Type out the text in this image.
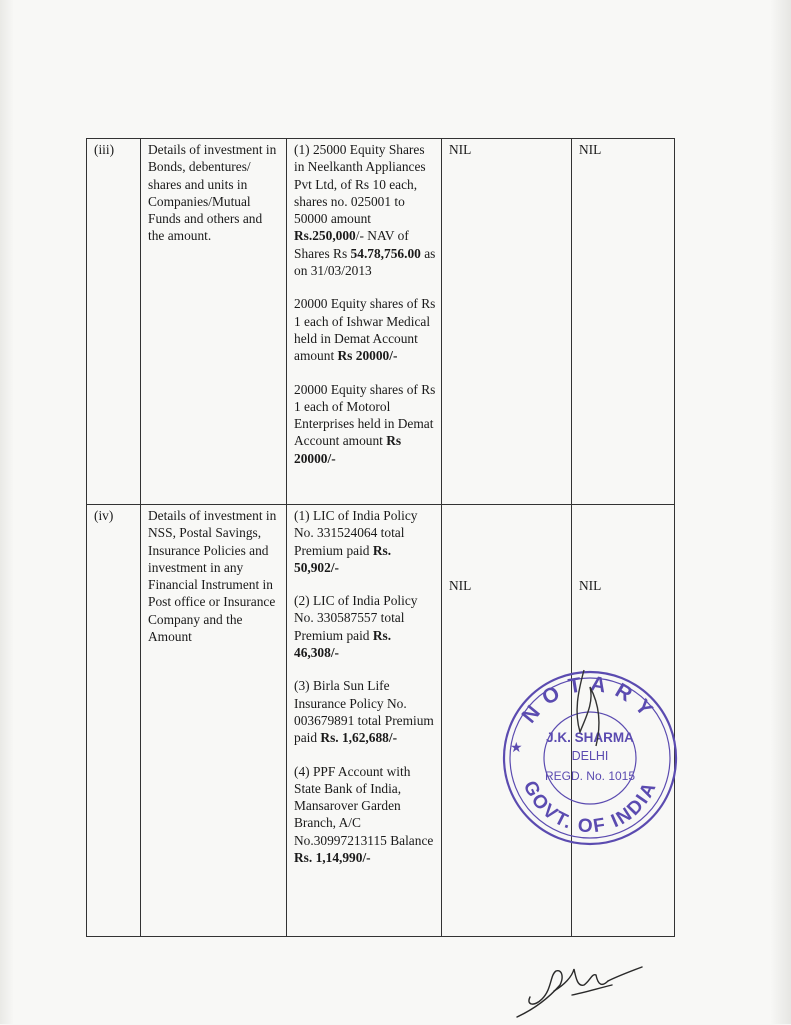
(iii)	Details of investment in Bonds, debentures/ shares and units in Companies/Mutual Funds and others and the amount.	(1) 25000 Equity Shares in Neelkanth Appliances Pvt Ltd, of Rs 10 each, shares no. 025001 to 50000 amount Rs.250,000/- NAV of Shares Rs 54.78,756.00 as on 31/03/2013

20000 Equity shares of Rs 1 each of Ishwar Medical held in Demat Account amount Rs 20000/-

20000 Equity shares of Rs 1 each of Motorol Enterprises held in Demat Account amount Rs 20000/-	NIL	NIL
(iv)	Details of investment in NSS, Postal Savings, Insurance Policies and investment in any Financial Instrument in Post office or Insurance Company and the Amount	(1) LIC of India Policy No. 331524064 total Premium paid Rs. 50,902/-

(2) LIC of India Policy No. 330587557 total Premium paid Rs. 46,308/-

(3) Birla Sun Life Insurance Policy No. 003679891 total Premium paid Rs. 1,62,688/-

(4) PPF Account with State Bank of India, Mansarover Garden Branch, A/C No.30997213115 Balance Rs. 1,14,990/-	NIL	NIL
NOTARY
GOVT. OF INDIA
J.K. SHARMA
DELHI
REGD. No. 1015
★
